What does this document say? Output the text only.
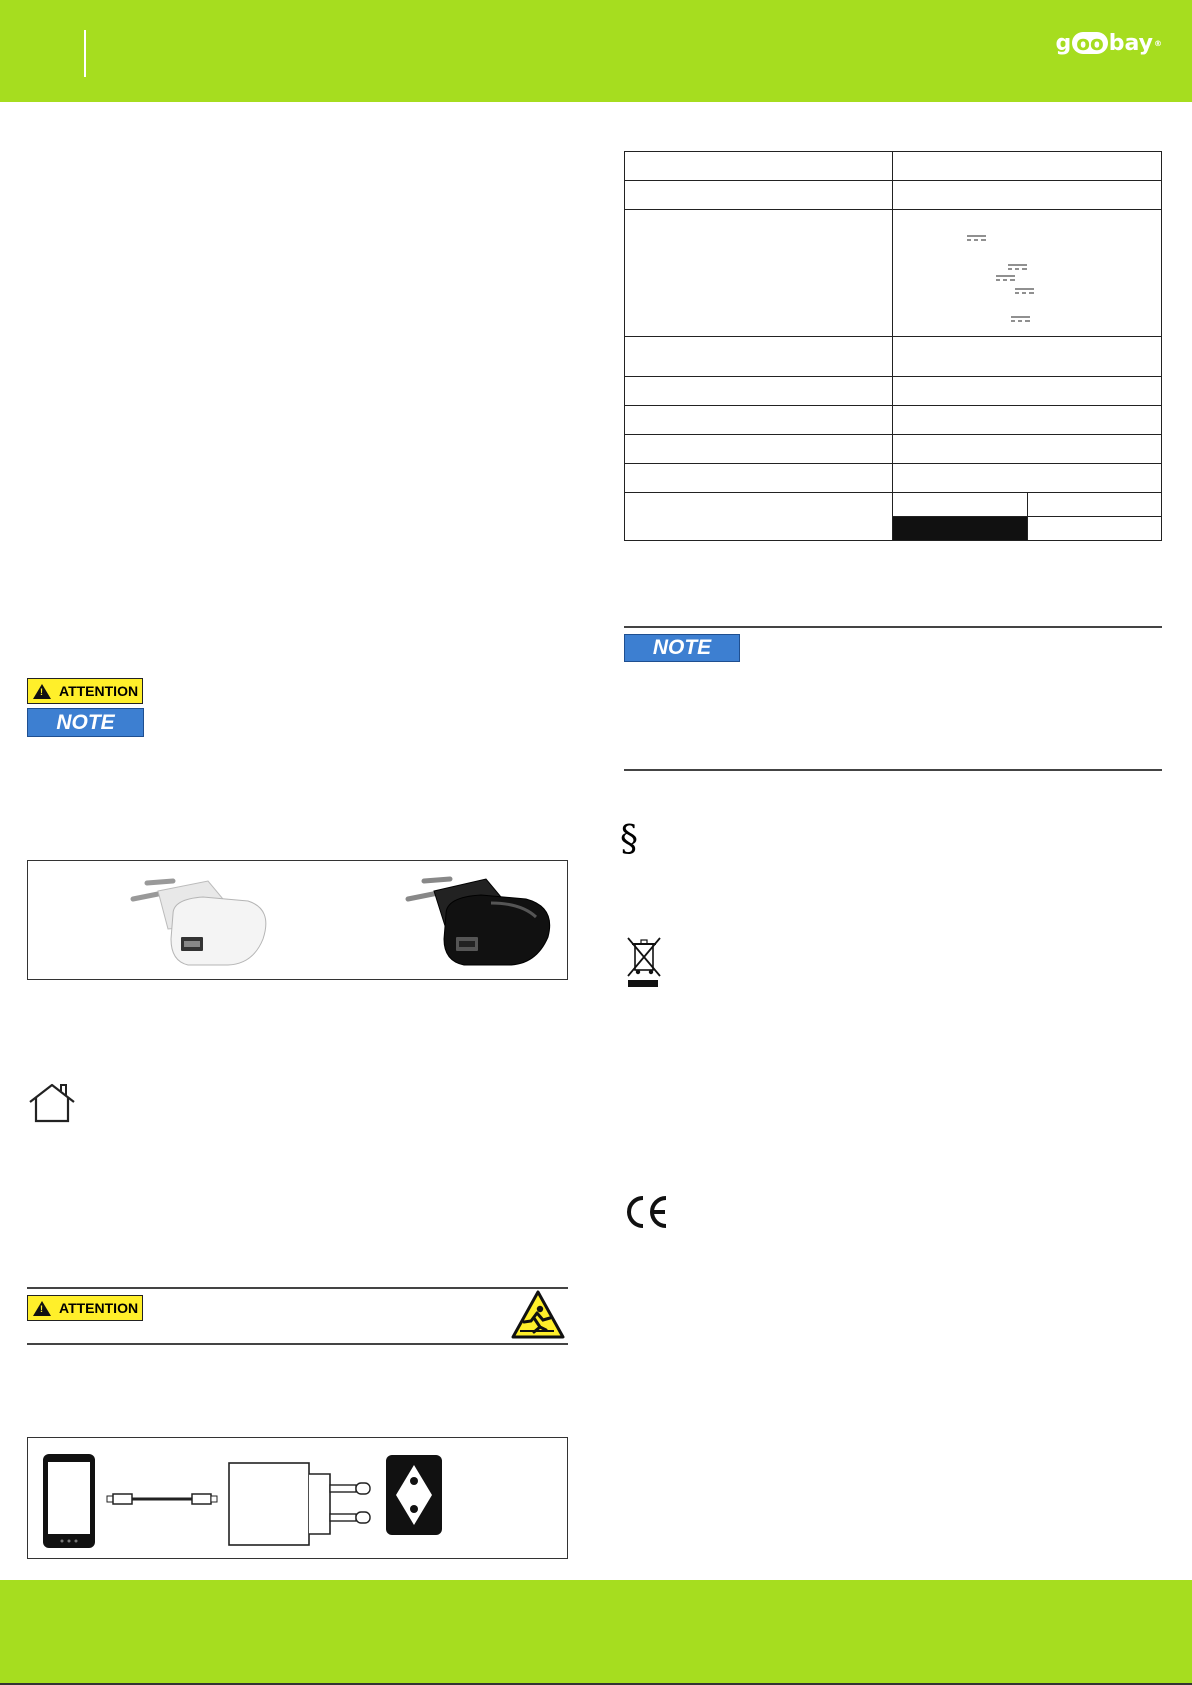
g oo bay ®
!
ATTENTION
NOTE
!
ATTENTION

NOTE
§
